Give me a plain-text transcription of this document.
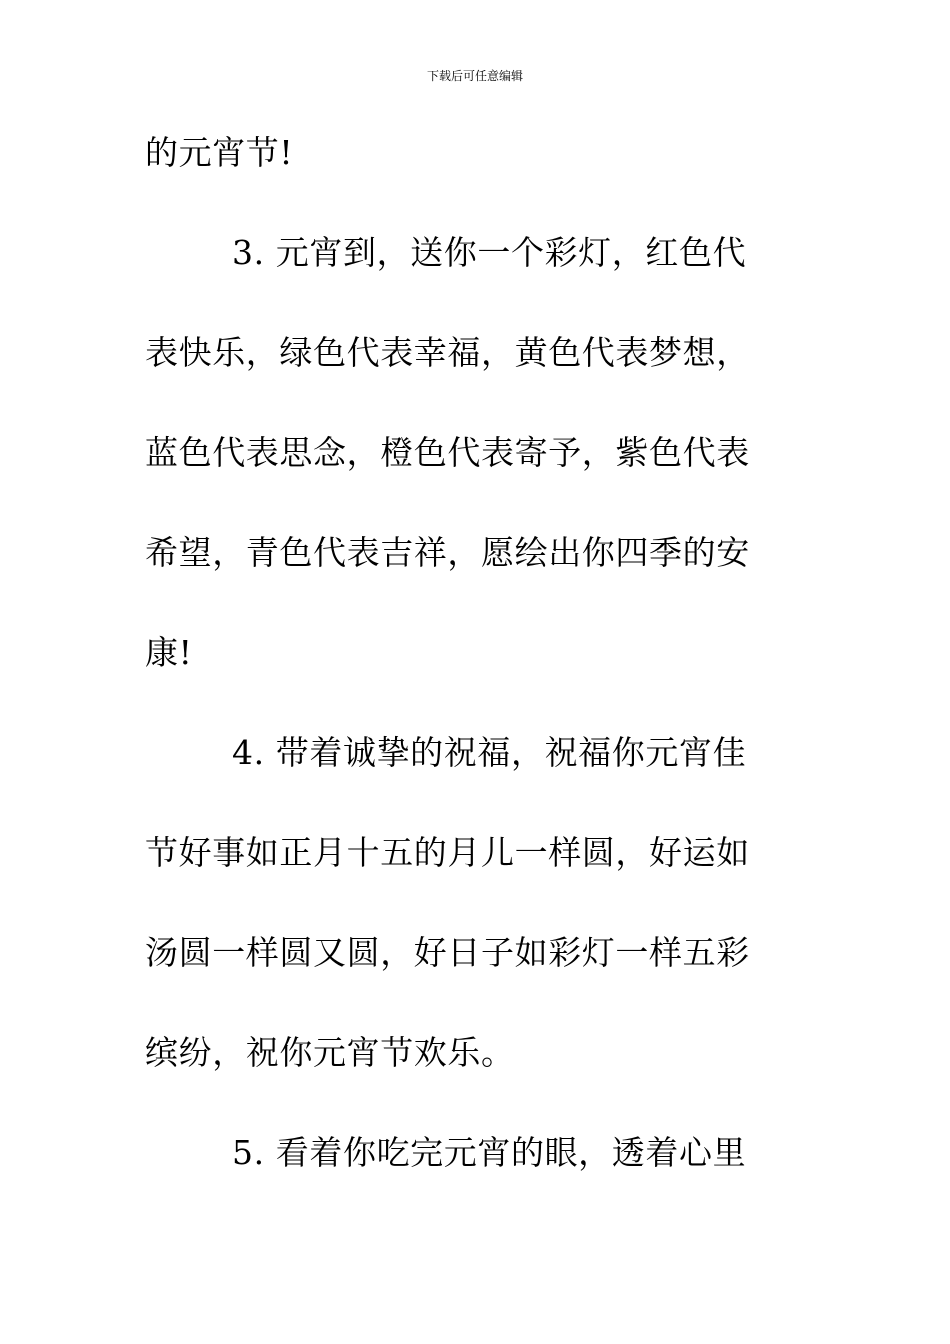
下载后可任意编辑
的元宵节!
3. 元宵到，送你一个彩灯，红色代
表快乐，绿色代表幸福，黄色代表梦想，
蓝色代表思念，橙色代表寄予，紫色代表
希望，青色代表吉祥，愿绘出你四季的安
康!
4. 带着诚挚的祝福，祝福你元宵佳
节好事如正月十五的月儿一样圆，好运如
汤圆一样圆又圆，好日子如彩灯一样五彩
缤纷，祝你元宵节欢乐。
5. 看着你吃完元宵的眼，透着心里
